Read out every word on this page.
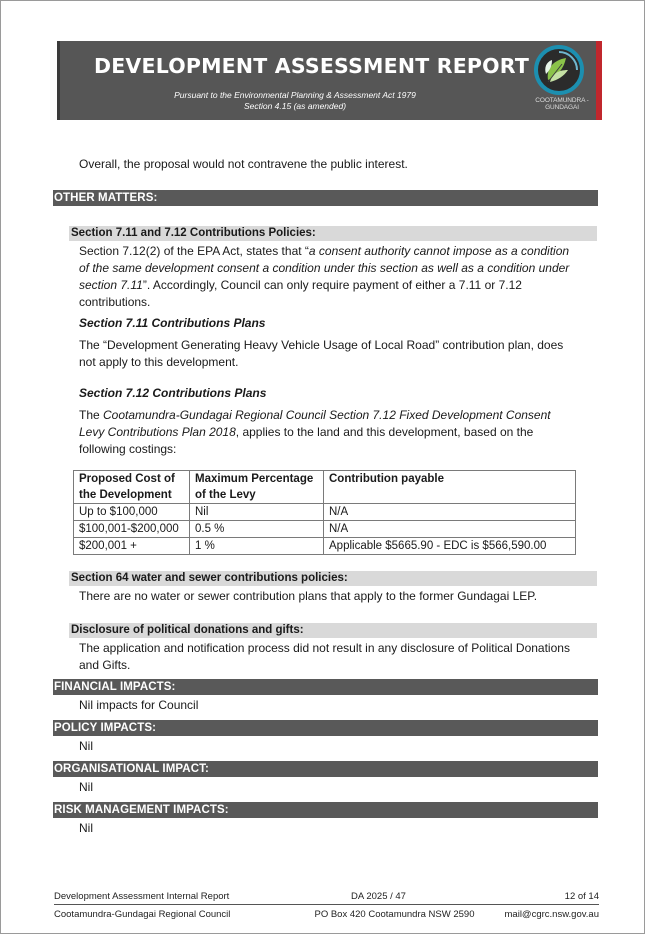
DEVELOPMENT ASSESSMENT REPORT
Pursuant to the Environmental Planning & Assessment Act 1979
Section 4.15 (as amended)
COOTAMUNDRA -
GUNDAGAI
Overall, the proposal would not contravene the public interest.
OTHER MATTERS:
Section 7.11 and 7.12 Contributions Policies:
Section 7.12(2) of the EPA Act, states that “a consent authority cannot impose as a condition of the same development consent a condition under this section as well as a condition under section 7.11”. Accordingly, Council can only require payment of either a 7.11 or 7.12 contributions.
Section 7.11 Contributions Plans
The “Development Generating Heavy Vehicle Usage of Local Road” contribution plan, does not apply to this development.
Section 7.12 Contributions Plans
The Cootamundra-Gundagai Regional Council Section 7.12 Fixed Development Consent Levy Contributions Plan 2018, applies to the land and this development, based on the following costings:
Proposed Cost of the Development	Maximum Percentage of the Levy	Contribution payable
Up to $100,000	Nil	N/A
$100,001-$200,000	0.5 %	N/A
$200,001 +	1 %	Applicable $5665.90 - EDC is $566,590.00
Section 64 water and sewer contributions policies:
There are no water or sewer contribution plans that apply to the former Gundagai LEP.
Disclosure of political donations and gifts:
The application and notification process did not result in any disclosure of Political Donations and Gifts.
FINANCIAL IMPACTS:
Nil impacts for Council
POLICY IMPACTS:
Nil
ORGANISATIONAL IMPACT:
Nil
RISK MANAGEMENT IMPACTS:
Nil
Development Assessment Internal Report	DA 2025 / 47	12 of 14
Cootamundra-Gundagai Regional Council	PO Box 420 Cootamundra NSW 2590	mail@cgrc.nsw.gov.au
